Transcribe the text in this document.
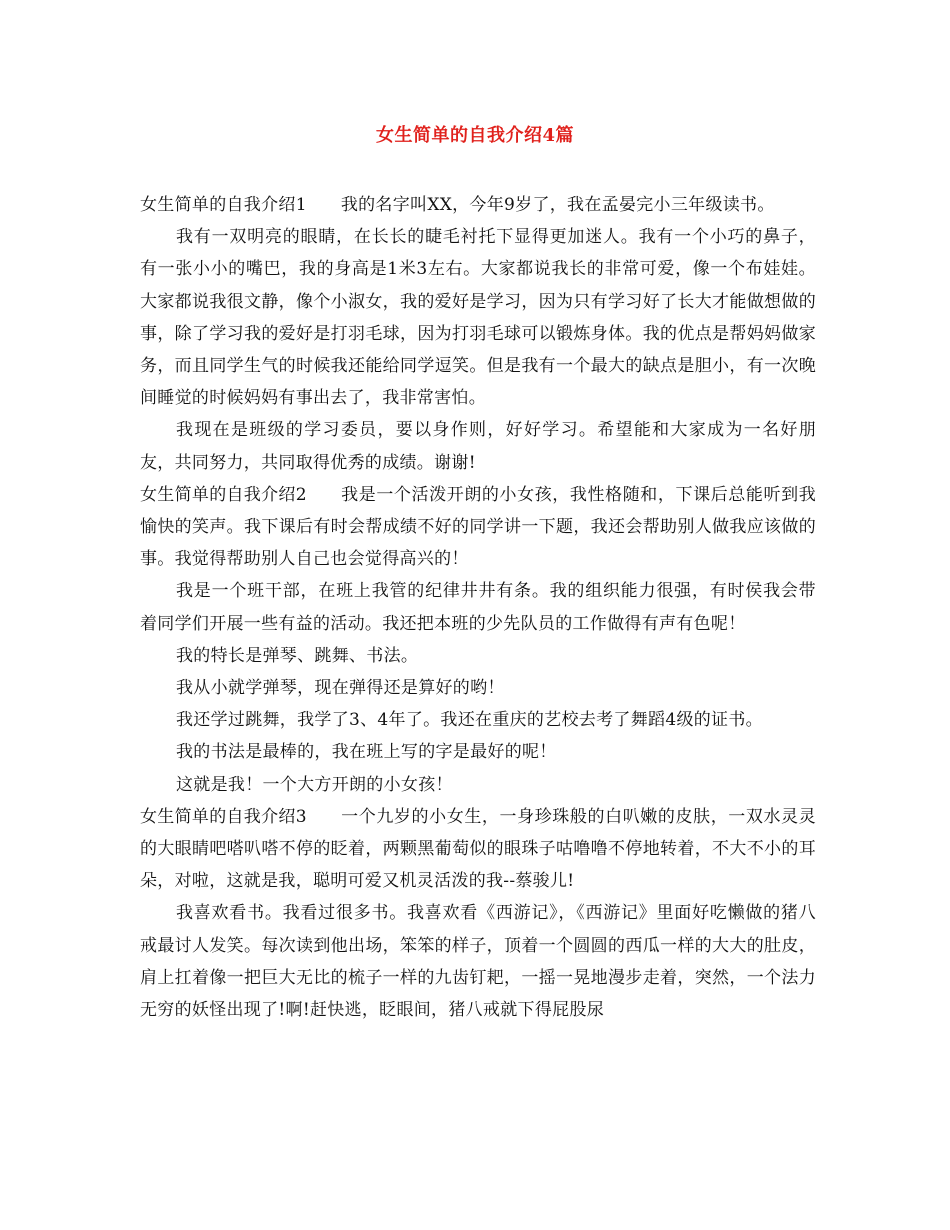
女生简单的自我介绍4篇

女生简单的自我介绍1 我的名字叫XX，今年9岁了，我在孟晏完小三年级读书。

我有一双明亮的眼睛，在长长的睫毛衬托下显得更加迷人。我有一个小巧的鼻子，有一张小小的嘴巴，我的身高是1米3左右。大家都说我长的非常可爱，像一个布娃娃。大家都说我很文静，像个小淑女，我的爱好是学习，因为只有学习好了长大才能做想做的事，除了学习我的爱好是打羽毛球，因为打羽毛球可以锻炼身体。我的优点是帮妈妈做家务，而且同学生气的时候我还能给同学逗笑。但是我有一个最大的缺点是胆小，有一次晚间睡觉的时候妈妈有事出去了，我非常害怕。

我现在是班级的学习委员，要以身作则，好好学习。希望能和大家成为一名好朋友，共同努力，共同取得优秀的成绩。谢谢!

女生简单的自我介绍2 我是一个活泼开朗的小女孩，我性格随和，下课后总能听到我愉快的笑声。我下课后有时会帮成绩不好的同学讲一下题，我还会帮助别人做我应该做的事。我觉得帮助别人自己也会觉得高兴的！

我是一个班干部，在班上我管的纪律井井有条。我的组织能力很强，有时侯我会带着同学们开展一些有益的活动。我还把本班的少先队员的工作做得有声有色呢！

我的特长是弹琴、跳舞、书法。

我从小就学弹琴，现在弹得还是算好的哟！

我还学过跳舞，我学了3、4年了。我还在重庆的艺校去考了舞蹈4级的证书。

我的书法是最棒的，我在班上写的字是最好的呢！

这就是我！一个大方开朗的小女孩！

女生简单的自我介绍3 一个九岁的小女生，一身珍珠般的白叭嫩的皮肤，一双水灵灵的大眼睛吧嗒叭嗒不停的眨着，两颗黑葡萄似的眼珠子咕噜噜不停地转着，不大不小的耳朵，对啦，这就是我，聪明可爱又机灵活泼的我--蔡骏儿!

我喜欢看书。我看过很多书。我喜欢看《西游记》，《西游记》里面好吃懒做的猪八戒最讨人发笑。每次读到他出场，笨笨的样子，顶着一个圆圆的西瓜一样的大大的肚皮，肩上扛着像一把巨大无比的梳子一样的九齿钉耙，一摇一晃地漫步走着，突然，一个法力无穷的妖怪出现了!啊!赶快逃，眨眼间，猪八戒就下得屁股尿
